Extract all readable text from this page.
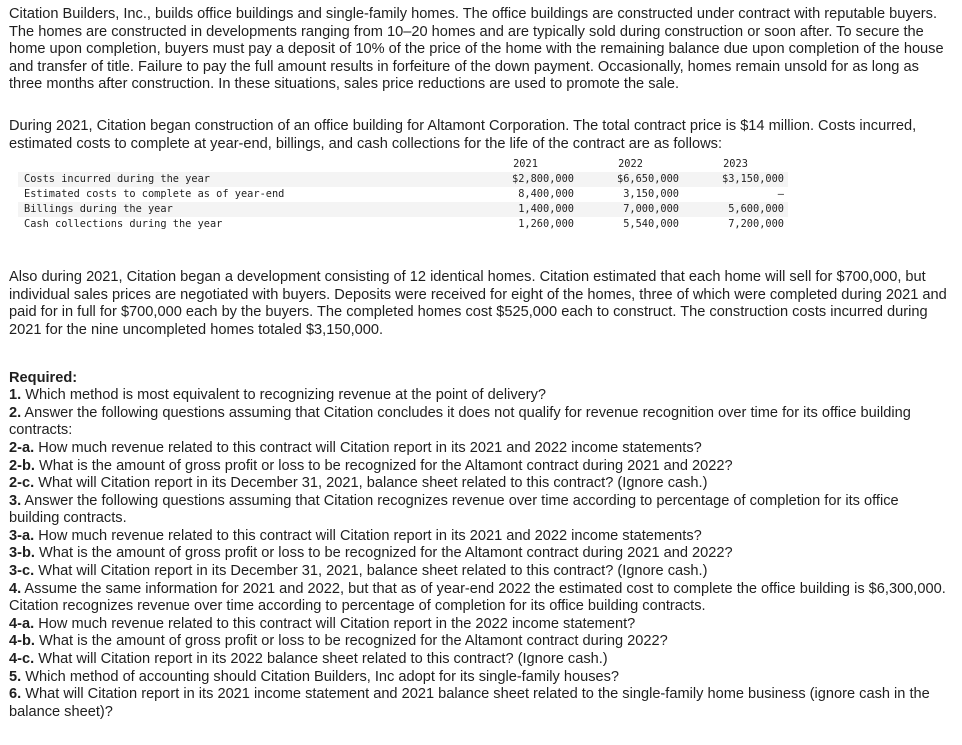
Citation Builders, Inc., builds office buildings and single-family homes. The office buildings are constructed under contract with reputable buyers. The homes are constructed in developments ranging from 10–20 homes and are typically sold during construction or soon after. To secure the home upon completion, buyers must pay a deposit of 10% of the price of the home with the remaining balance due upon completion of the house and transfer of title. Failure to pay the full amount results in forfeiture of the down payment. Occasionally, homes remain unsold for as long as three months after construction. In these situations, sales price reductions are used to promote the sale.

During 2021, Citation began construction of an office building for Altamont Corporation. The total contract price is $14 million. Costs incurred, estimated costs to complete at year-end, billings, and cash collections for the life of the contract are as follows:

	2021	2022	2023
Costs incurred during the year	$2,800,000	$6,650,000	$3,150,000
Estimated costs to complete as of year-end	8,400,000	3,150,000	–
Billings during the year	1,400,000	7,000,000	5,600,000
Cash collections during the year	1,260,000	5,540,000	7,200,000

Also during 2021, Citation began a development consisting of 12 identical homes. Citation estimated that each home will sell for $700,000, but individual sales prices are negotiated with buyers. Deposits were received for eight of the homes, three of which were completed during 2021 and paid for in full for $700,000 each by the buyers. The completed homes cost $525,000 each to construct. The construction costs incurred during 2021 for the nine uncompleted homes totaled $3,150,000.

Required:

1. Which method is most equivalent to recognizing revenue at the point of delivery?

2. Answer the following questions assuming that Citation concludes it does not qualify for revenue recognition over time for its office building contracts:

2-a. How much revenue related to this contract will Citation report in its 2021 and 2022 income statements?

2-b. What is the amount of gross profit or loss to be recognized for the Altamont contract during 2021 and 2022?

2-c. What will Citation report in its December 31, 2021, balance sheet related to this contract? (Ignore cash.)

3. Answer the following questions assuming that Citation recognizes revenue over time according to percentage of completion for its office building contracts.

3-a. How much revenue related to this contract will Citation report in its 2021 and 2022 income statements?

3-b. What is the amount of gross profit or loss to be recognized for the Altamont contract during 2021 and 2022?

3-c. What will Citation report in its December 31, 2021, balance sheet related to this contract? (Ignore cash.)

4. Assume the same information for 2021 and 2022, but that as of year-end 2022 the estimated cost to complete the office building is $6,300,000. Citation recognizes revenue over time according to percentage of completion for its office building contracts.

4-a. How much revenue related to this contract will Citation report in the 2022 income statement?

4-b. What is the amount of gross profit or loss to be recognized for the Altamont contract during 2022?

4-c. What will Citation report in its 2022 balance sheet related to this contract? (Ignore cash.)

5. Which method of accounting should Citation Builders, Inc adopt for its single-family houses?

6. What will Citation report in its 2021 income statement and 2021 balance sheet related to the single-family home business (ignore cash in the balance sheet)?
